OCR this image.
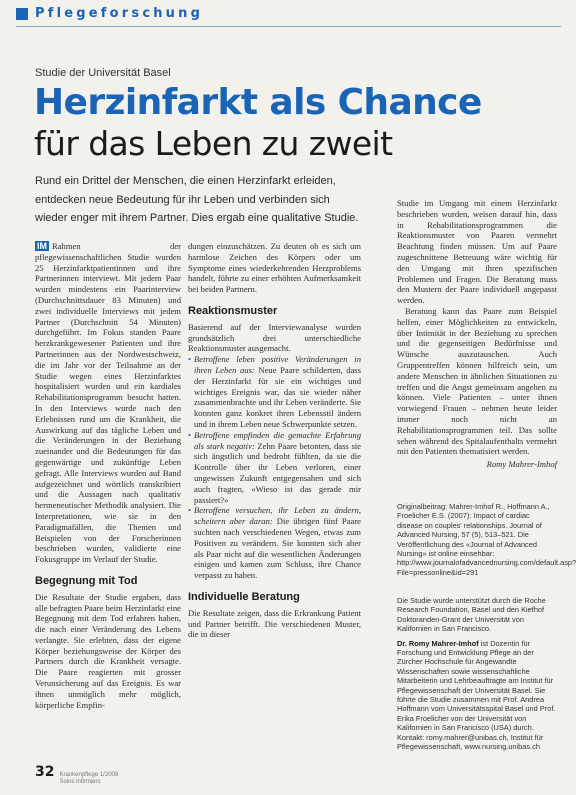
Pflegeforschung
Studie der Universität Basel
Herzinfarkt als Chance
für das Leben zu zweit
Rund ein Drittel der Menschen, die einen Herzinfarkt erleiden,
entdecken neue Bedeutung für ihr Leben und verbinden sich
wieder enger mit ihrem Partner. Dies ergab eine qualitative Studie.

IM Rahmen der pflegewissenschaftlichen Studie wurden 25 Herzinfarktpatientinnen und ihre Partnerinnen interviewt. Mit jedem Paar wurden mindestens ein Paarinterview (Durchschnittsdauer 83 Minuten) und zwei individuelle Interviews mit jedem Partner (Durchschnitt 54 Minuten) durchgeführt. Im Fokus standen Paare herzkrankgewesener Patienten und ihre Partnerinnen aus der Nordwestschweiz, die im Jahr vor der Teilnahme an der Studie wegen eines Herzinfarktes hospitalisiert wurden und ein kardiales Rehabilitationsprogramm besucht hatten. In den Interviews wurde nach den Erlebnissen rund um die Krankheit, die Auswirkung auf das tägliche Leben und die Veränderungen in der Beziehung zueinander und die Bedeutungen für das gegenwärtige und zukünftige Leben gefragt. Alle Interviews wurden auf Band aufgezeichnet und wörtlich transkribiert und die Aussagen nach qualitativ hermeneutischer Methodik analysiert. Die Interpretationen, wie sie in den Paradigmafällen, die Themen und Beispielen von der Forscherinnen beschrieben wurden, validierte eine Fokusgruppe im Verlauf der Studie.

Begegnung mit Tod

Die Resultate der Studie ergaben, dass alle befragten Paare beim Herzinfarkt eine Begegnung mit dem Tod erfahren haben, die nach einer Veränderung des Lebens verlangte. Sie erlebten, dass der eigene Körper beziehungsweise der Körper des Partners durch die Krankheit versagte. Die Paare reagierten mit grosser Verunsicherung auf das Ereignis. Es war ihnen unmöglich mehr möglich, körperliche Empfin-

dungen einzuschätzen. Zu deuten ob es sich um harmlose Zeichen des Körpers oder um Symptome eines wiederkehrenden Herzproblems handelt, führte zu einer erhöhten Aufmerksamkeit bei beiden Partnern.

Reaktionsmuster

Basierend auf der Interviewanalyse wurden grundsätzlich drei unterschiedliche Reaktionsmuster ausgemacht.

• Betroffene leben positive Veränderungen in ihren Leben aus: Neue Paare schilderten, dass der Herzinfarkt für sie ein wichtiges und wichtiges Ereignis war, das sie wieder näher zusammenbrachte und ihr Leben veränderte. Sie konnten ganz konkret ihren Lebensstil ändern und in ihrem Leben neue Schwerpunkte setzen.
• Betroffene empfinden die gemachte Erfahrung als stark negativ: Zehn Paare betonten, dass sie sich ängstlich und bedroht fühlten, da sie die Kontrolle über ihr Leben verloren, einer ungewissen Zukunft entgegensahen und sich auch fragten, «Wieso ist das gerade mir passiert?»
• Betroffene versuchen, ihr Leben zu ändern, scheitern aber daran: Die übrigen fünf Paare suchten nach verschiedenen Wegen, etwas zum Positiven zu verändern. Sie konnten sich aber als Paar nicht auf die wesentlichen Änderungen einigen und kamen zum Schluss, ihre Chance verpasst zu haben.
Individuelle Beratung

Die Resultate zeigen, dass die Erkrankung Patient und Partner betrifft. Die verschiedenen Muster, die in dieser

Studie im Umgang mit einem Herzinfarkt beschrieben wurden, weisen darauf hin, dass in Rehabilitationsprogrammen die Reaktionsmuster von Paaren vermehrt Beachtung finden müssen. Um auf Paare zugeschnittene Betreuung wäre wichtig für den Umgang mit ihren spezifischen Problemen und Fragen. Die Beratung muss den Mustern der Paare individuell angepasst werden.

Beratung kann das Paare zum Beispiel helfen, einer Möglichkeiten zu entwickeln, über Intimität in der Beziehung zu sprechen und die gegenseitigen Bedürfnisse und Wünsche auszutauschen. Auch Gruppentreffen können hilfreich sein, um andere Menschen in ähnlichen Situationen zu treffen und die Angst gemeinsam angehen zu können. Viele Patienten – unter ihnen vorwiegend Frauen – nehmen heute leider immer noch nicht an Rehabilitationsprogrammen teil. Das sollte sehen während des Spitalaufenthalts vermehrt mit den Patienten thematisiert werden.

Romy Mahrer-Imhof
Originalbeitrag: Mahrer-Imhof R., Hoffmann A., Froelicher E.S. (2007): Impact of cardiac disease on couples' relationships. Journal of Advanced Nursing, 57 (5), 513–521. Die Veröffentlichung des «Journal of Advanced Nursing» ist online einsehbar:
http://www.journalofadvancednursing.com/default.asp?File=pressonline&id=291
Die Studie wurde unterstützt durch die Roche Research Foundation, Basel und den Kiefhof Doktoranden-Grant der Universität von Kalifornien in San Francisco.
Dr. Romy Mahrer-Imhof ist Dozentin für Forschung und Entwicklung Pflege an der Zürcher Hochschule für Angewandte Wissenschaften sowie wissenschaftliche Mitarbeiterin und Lehrbeauftragte am Institut für Pflegewissenschaft der Universität Basel. Sie führte die Studie zusammen mit Prof. Andrea Hoffmann vom Universitätsspital Basel und Prof. Erika Froelicher von der Universität von Kalifornien in San Francisco (USA) durch.
Kontakt: romy.mahrer@unibas.ch, Institut für Pflegewissenschaft, www.nursing.unibas.ch
32 Krankenpflege 1/2008
Soins infirmiers
